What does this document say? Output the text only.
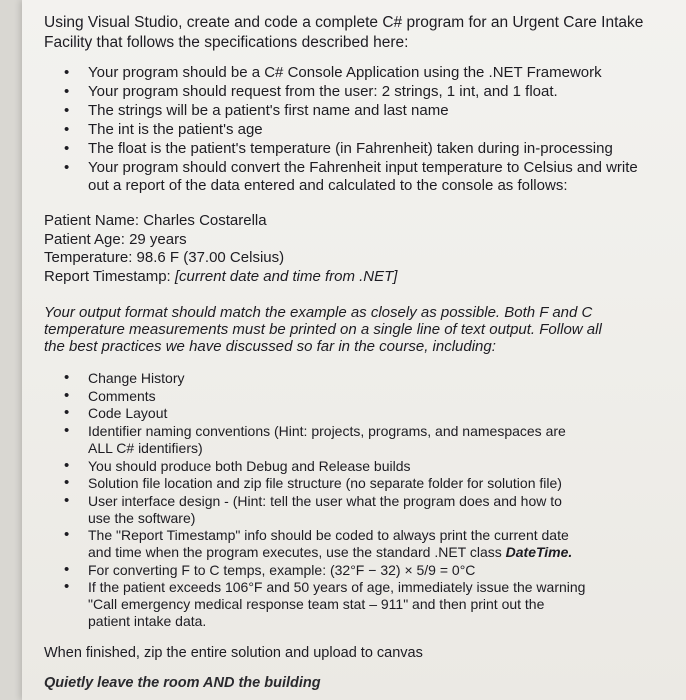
Using Visual Studio, create and code a complete C# program for an Urgent Care Intake Facility that follows the specifications described here:

• Your program should be a C# Console Application using the .NET Framework
• Your program should request from the user: 2 strings, 1 int, and 1 float.
• The strings will be a patient's first name and last name
• The int is the patient's age
• The float is the patient's temperature (in Fahrenheit) taken during in-processing
• Your program should convert the Fahrenheit input temperature to Celsius and write out a report of the data entered and calculated to the console as follows:
Patient Name: Charles Costarella
Patient Age: 29 years
Temperature: 98.6 F (37.00 Celsius)
Report Timestamp: [current date and time from .NET]

Your output format should match the example as closely as possible. Both F and C temperature measurements must be printed on a single line of text output. Follow all the best practices we have discussed so far in the course, including:

• Change History
• Comments
• Code Layout
• Identifier naming conventions (Hint: projects, programs, and namespaces are ALL C# identifiers)
• You should produce both Debug and Release builds
• Solution file location and zip file structure (no separate folder for solution file)
• User interface design - (Hint: tell the user what the program does and how to use the software)
• The "Report Timestamp" info should be coded to always print the current date and time when the program executes, use the standard .NET class DateTime.
• For converting F to C temps, example: (32°F − 32) × 5/9 = 0°C
• If the patient exceeds 106°F and 50 years of age, immediately issue the warning "Call emergency medical response team stat – 911" and then print out the patient intake data.
When finished, zip the entire solution and upload to canvas
Quietly leave the room AND the building
